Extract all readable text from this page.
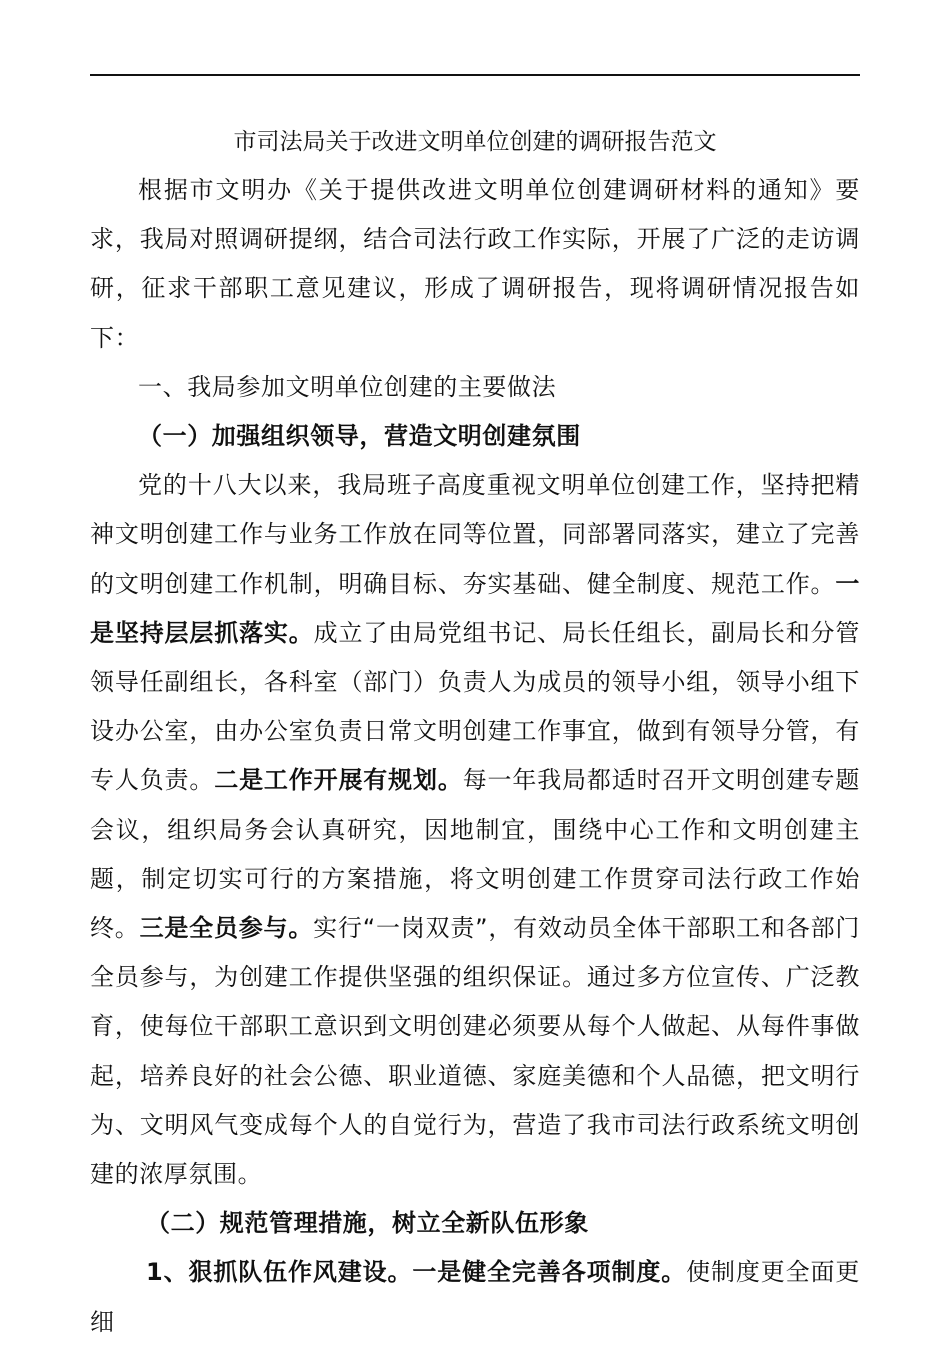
市司法局关于改进文明单位创建的调研报告范文

根据市文明办《关于提供改进文明单位创建调研材料的通知》要求，我局对照调研提纲，结合司法行政工作实际，开展了广泛的走访调研，征求干部职工意见建议，形成了调研报告，现将调研情况报告如下：

一、我局参加文明单位创建的主要做法

（一）加强组织领导，营造文明创建氛围

党的十八大以来，我局班子高度重视文明单位创建工作，坚持把精神文明创建工作与业务工作放在同等位置，同部署同落实，建立了完善的文明创建工作机制，明确目标、夯实基础、健全制度、规范工作。一是坚持层层抓落实。成立了由局党组书记、局长任组长，副局长和分管领导任副组长，各科室（部门）负责人为成员的领导小组，领导小组下设办公室，由办公室负责日常文明创建工作事宜，做到有领导分管，有专人负责。二是工作开展有规划。每一年我局都适时召开文明创建专题会议，组织局务会认真研究，因地制宜，围绕中心工作和文明创建主题，制定切实可行的方案措施，将文明创建工作贯穿司法行政工作始终。三是全员参与。实行“一岗双责”，有效动员全体干部职工和各部门全员参与，为创建工作提供坚强的组织保证。通过多方位宣传、广泛教育，使每位干部职工意识到文明创建必须要从每个人做起、从每件事做起，培养良好的社会公德、职业道德、家庭美德和个人品德，把文明行为、文明风气变成每个人的自觉行为，营造了我市司法行政系统文明创建的浓厚氛围。

（二）规范管理措施，树立全新队伍形象

1、狠抓队伍作风建设。一是健全完善各项制度。使制度更全面更细
